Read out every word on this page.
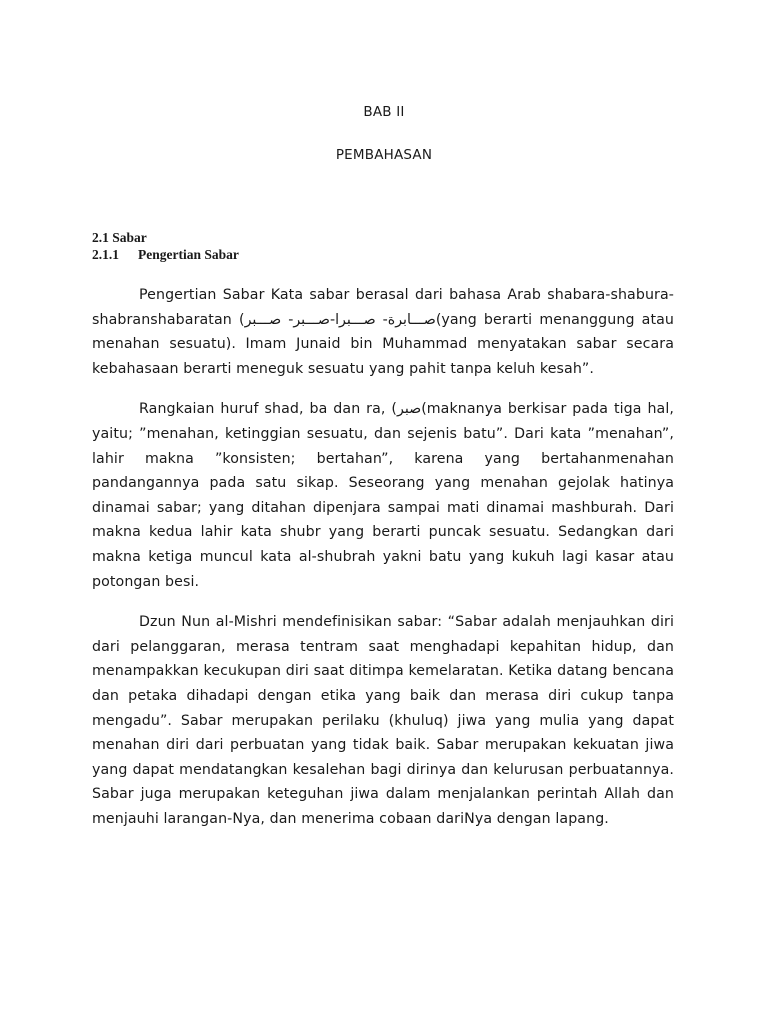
BAB II
PEMBAHASAN
2.1 Sabar
2.1.1 Pengertian Sabar

Pengertian Sabar Kata sabar berasal dari bahasa Arab shabara-shabura-shabranshabaratan (صـــابرة- صـــبرا-صـــبر- صـــبر(yang berarti menanggung atau menahan sesuatu). Imam Junaid bin Muhammad menyatakan sabar secara kebahasaan berarti meneguk sesuatu yang pahit tanpa keluh kesah”.

Rangkaian huruf shad, ba dan ra, (صبر(maknanya berkisar pada tiga hal, yaitu; ”menahan, ketinggian sesuatu, dan sejenis batu”. Dari kata ”menahan”, lahir makna ”konsisten; bertahan”, karena yang bertahanmenahan pandangannya pada satu sikap. Seseorang yang menahan gejolak hatinya dinamai sabar; yang ditahan dipenjara sampai mati dinamai mashburah. Dari makna kedua lahir kata shubr yang berarti puncak sesuatu. Sedangkan dari makna ketiga muncul kata al-shubrah yakni batu yang kukuh lagi kasar atau potongan besi.

Dzun Nun al-Mishri mendefinisikan sabar: “Sabar adalah menjauhkan diri dari pelanggaran, merasa tentram saat menghadapi kepahitan hidup, dan menampakkan kecukupan diri saat ditimpa kemelaratan. Ketika datang bencana dan petaka dihadapi dengan etika yang baik dan merasa diri cukup tanpa mengadu”. Sabar merupakan perilaku (khuluq) jiwa yang mulia yang dapat menahan diri dari perbuatan yang tidak baik. Sabar merupakan kekuatan jiwa yang dapat mendatangkan kesalehan bagi dirinya dan kelurusan perbuatannya. Sabar juga merupakan keteguhan jiwa dalam menjalankan perintah Allah dan menjauhi larangan-Nya, dan menerima cobaan dariNya dengan lapang.
